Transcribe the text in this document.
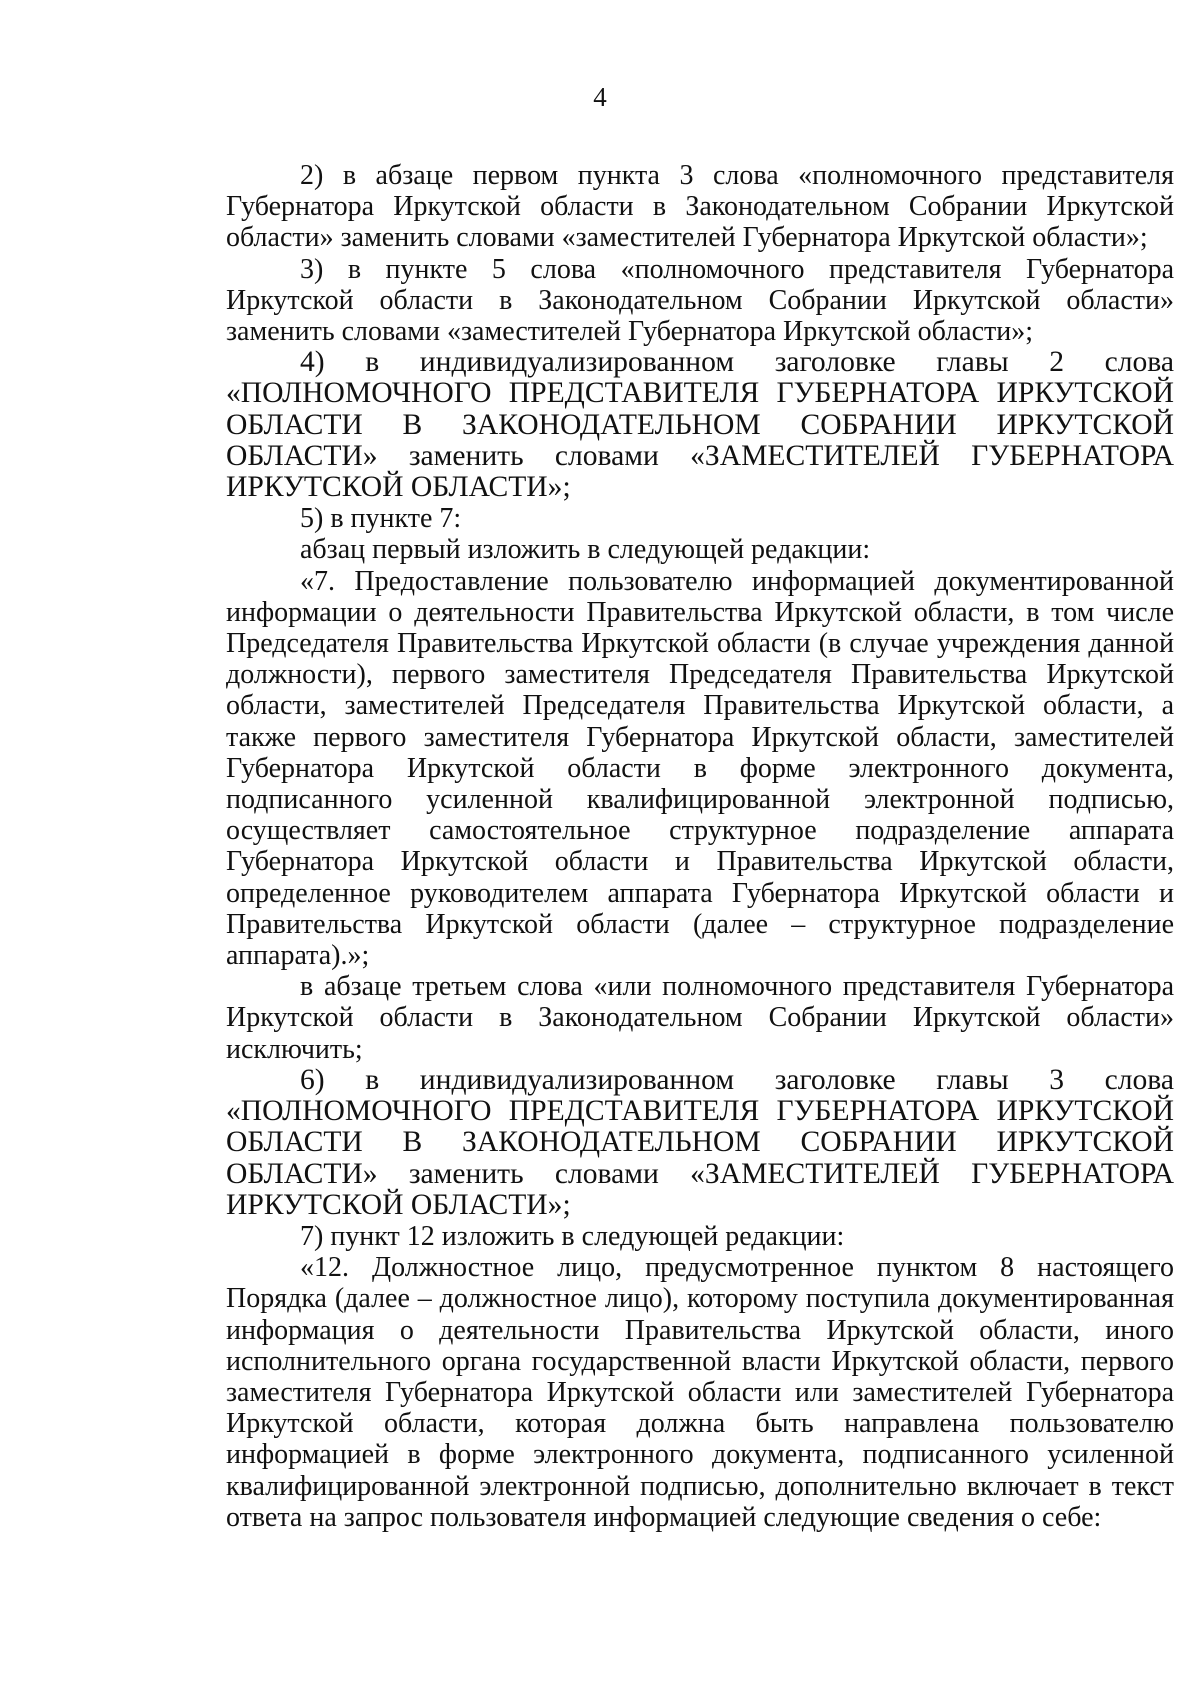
4

2) в абзаце первом пункта 3 слова «полномочного представителя Губернатора Иркутской области в Законодательном Собрании Иркутской области» заменить словами «заместителей Губернатора Иркутской области»;

3) в пункте 5 слова «полномочного представителя Губернатора Иркутской области в Законодательном Собрании Иркутской области» заменить словами «заместителей Губернатора Иркутской области»;

4) в индивидуализированном заголовке главы 2 слова «ПОЛНОМОЧНОГО ПРЕДСТАВИТЕЛЯ ГУБЕРНАТОРА ИРКУТСКОЙ ОБЛАСТИ В ЗАКОНОДАТЕЛЬНОМ СОБРАНИИ ИРКУТСКОЙ ОБЛАСТИ» заменить словами «ЗАМЕСТИТЕЛЕЙ ГУБЕРНАТОРА ИРКУТСКОЙ ОБЛАСТИ»;

5) в пункте 7:

абзац первый изложить в следующей редакции:

«7. Предоставление пользователю информацией документированной информации о деятельности Правительства Иркутской области, в том числе Председателя Правительства Иркутской области (в случае учреждения данной должности), первого заместителя Председателя Правительства Иркутской области, заместителей Председателя Правительства Иркутской области, а также первого заместителя Губернатора Иркутской области, заместителей Губернатора Иркутской области в форме электронного документа, подписанного усиленной квалифицированной электронной подписью, осуществляет самостоятельное структурное подразделение аппарата Губернатора Иркутской области и Правительства Иркутской области, определенное руководителем аппарата Губернатора Иркутской области и Правительства Иркутской области (далее – структурное подразделение аппарата).»;

в абзаце третьем слова «или полномочного представителя Губернатора Иркутской области в Законодательном Собрании Иркутской области» исключить;

6) в индивидуализированном заголовке главы 3 слова «ПОЛНОМОЧНОГО ПРЕДСТАВИТЕЛЯ ГУБЕРНАТОРА ИРКУТСКОЙ ОБЛАСТИ В ЗАКОНОДАТЕЛЬНОМ СОБРАНИИ ИРКУТСКОЙ ОБЛАСТИ» заменить словами «ЗАМЕСТИТЕЛЕЙ ГУБЕРНАТОРА ИРКУТСКОЙ ОБЛАСТИ»;

7) пункт 12 изложить в следующей редакции:

«12. Должностное лицо, предусмотренное пунктом 8 настоящего Порядка (далее – должностное лицо), которому поступила документированная информация о деятельности Правительства Иркутской области, иного исполнительного органа государственной власти Иркутской области, первого заместителя Губернатора Иркутской области или заместителей Губернатора Иркутской области, которая должна быть направлена пользователю информацией в форме электронного документа, подписанного усиленной квалифицированной электронной подписью, дополнительно включает в текст ответа на запрос пользователя информацией следующие сведения о себе:
